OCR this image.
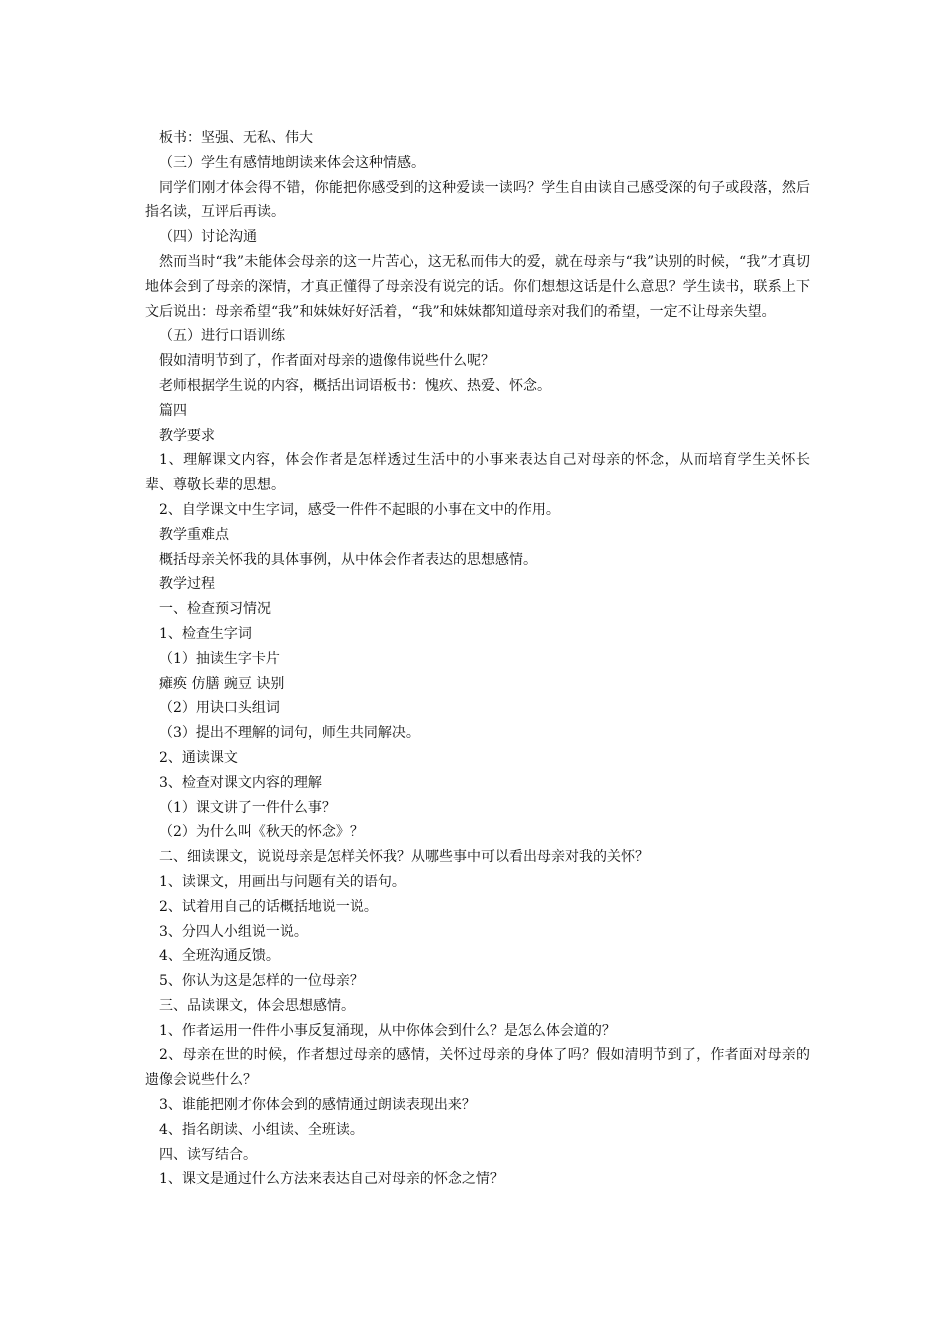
板书：坚强、无私、伟大

（三）学生有感情地朗读来体会这种情感。

同学们刚才体会得不错，你能把你感受到的这种爱读一读吗？学生自由读自己感受深的句子或段落，然后指名读，互评后再读。

（四）讨论沟通

然而当时“我”未能体会母亲的这一片苦心，这无私而伟大的爱，就在母亲与“我”诀别的时候，“我”才真切地体会到了母亲的深情，才真正懂得了母亲没有说完的话。你们想想这话是什么意思？学生读书，联系上下文后说出：母亲希望“我”和妹妹好好活着，“我”和妹妹都知道母亲对我们的希望，一定不让母亲失望。

（五）进行口语训练

假如清明节到了，作者面对母亲的遗像伟说些什么呢？

老师根据学生说的内容，概括出词语板书：愧疚、热爱、怀念。

篇四

教学要求

1、理解课文内容，体会作者是怎样透过生活中的小事来表达自己对母亲的怀念，从而培育学生关怀长辈、尊敬长辈的思想。

2、自学课文中生字词，感受一件件不起眼的小事在文中的作用。

教学重难点

概括母亲关怀我的具体事例，从中体会作者表达的思想感情。

教学过程

一、检查预习情况

1、检查生字词

（1）抽读生字卡片

瘫痪 仿膳 豌豆 诀别

（2）用诀口头组词

（3）提出不理解的词句，师生共同解决。

2、通读课文

3、检查对课文内容的理解

（1）课文讲了一件什么事？

（2）为什么叫《秋天的怀念》？

二、细读课文，说说母亲是怎样关怀我？从哪些事中可以看出母亲对我的关怀？

1、读课文，用画出与问题有关的语句。

2、试着用自己的话概括地说一说。

3、分四人小组说一说。

4、全班沟通反馈。

5、你认为这是怎样的一位母亲？

三、品读课文，体会思想感情。

1、作者运用一件件小事反复涌现，从中你体会到什么？是怎么体会道的？

2、母亲在世的时候，作者想过母亲的感情，关怀过母亲的身体了吗？假如清明节到了，作者面对母亲的遗像会说些什么？

3、谁能把刚才你体会到的感情通过朗读表现出来？

4、指名朗读、小组读、全班读。

四、读写结合。

1、课文是通过什么方法来表达自己对母亲的怀念之情？
